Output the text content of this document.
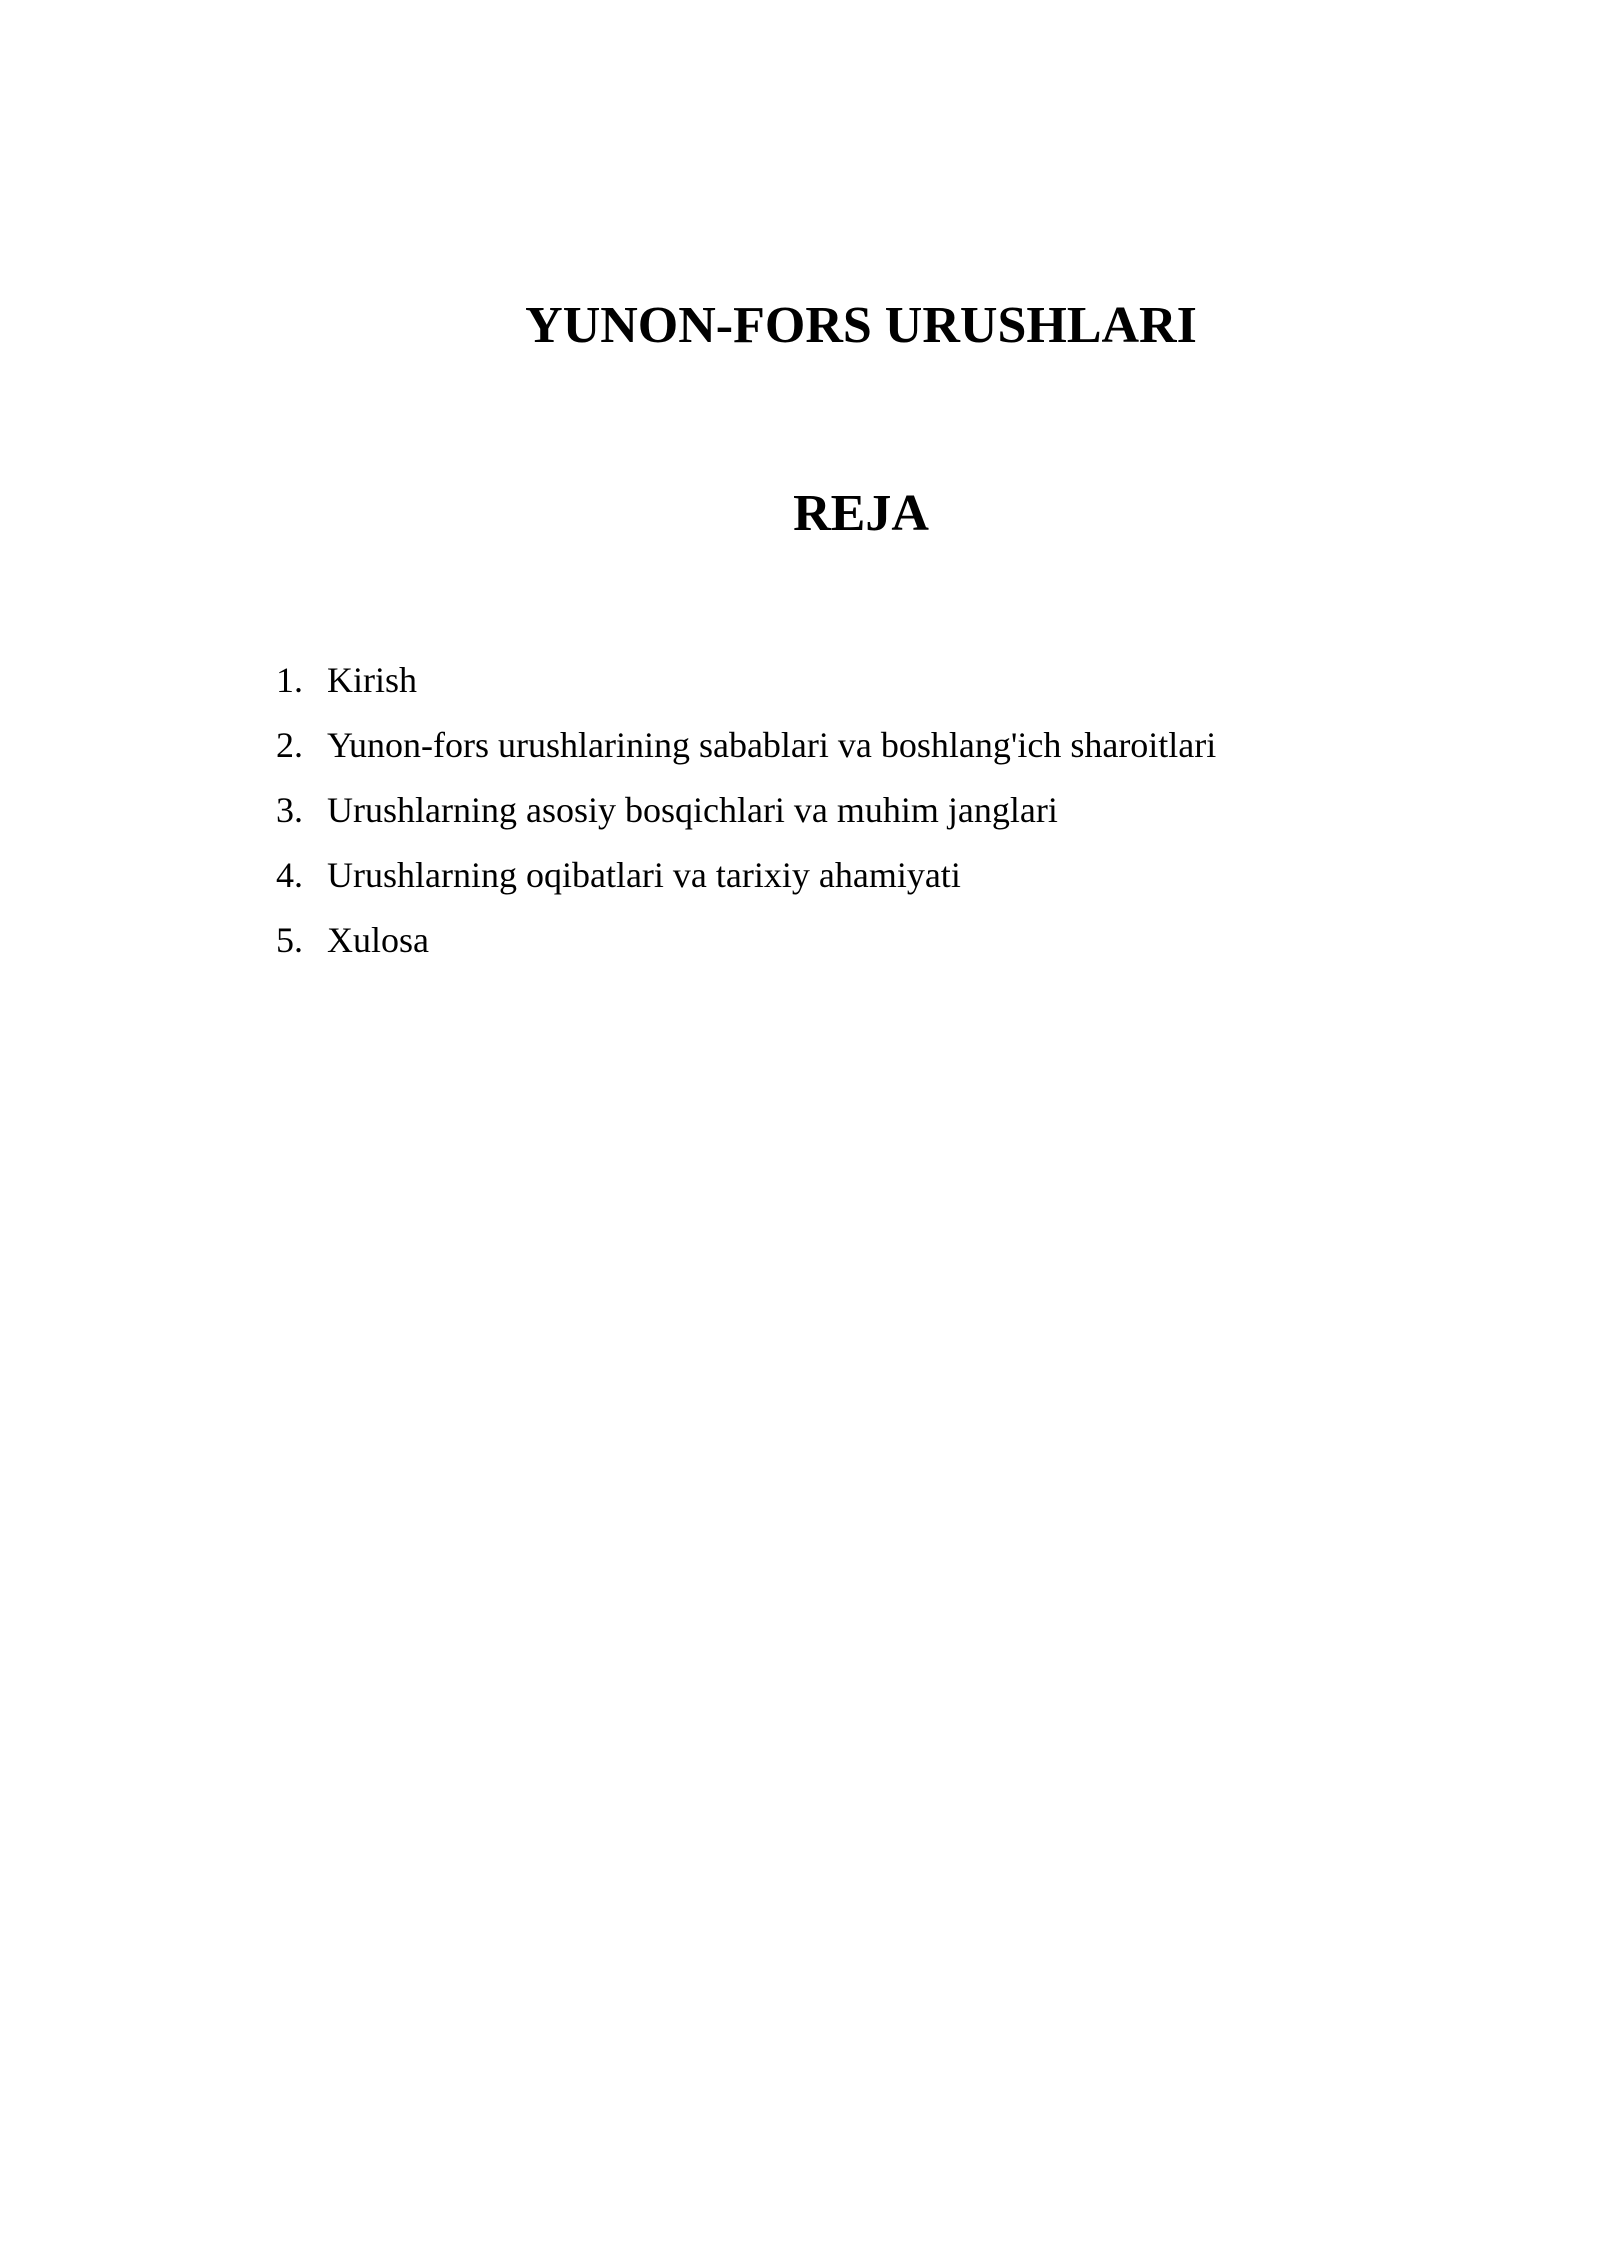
YUNON-FORS URUSHLARI
REJA
1. Kirish
2. Yunon-fors urushlarining sabablari va boshlang'ich sharoitlari
3. Urushlarning asosiy bosqichlari va muhim janglari
4. Urushlarning oqibatlari va tarixiy ahamiyati
5. Xulosa
